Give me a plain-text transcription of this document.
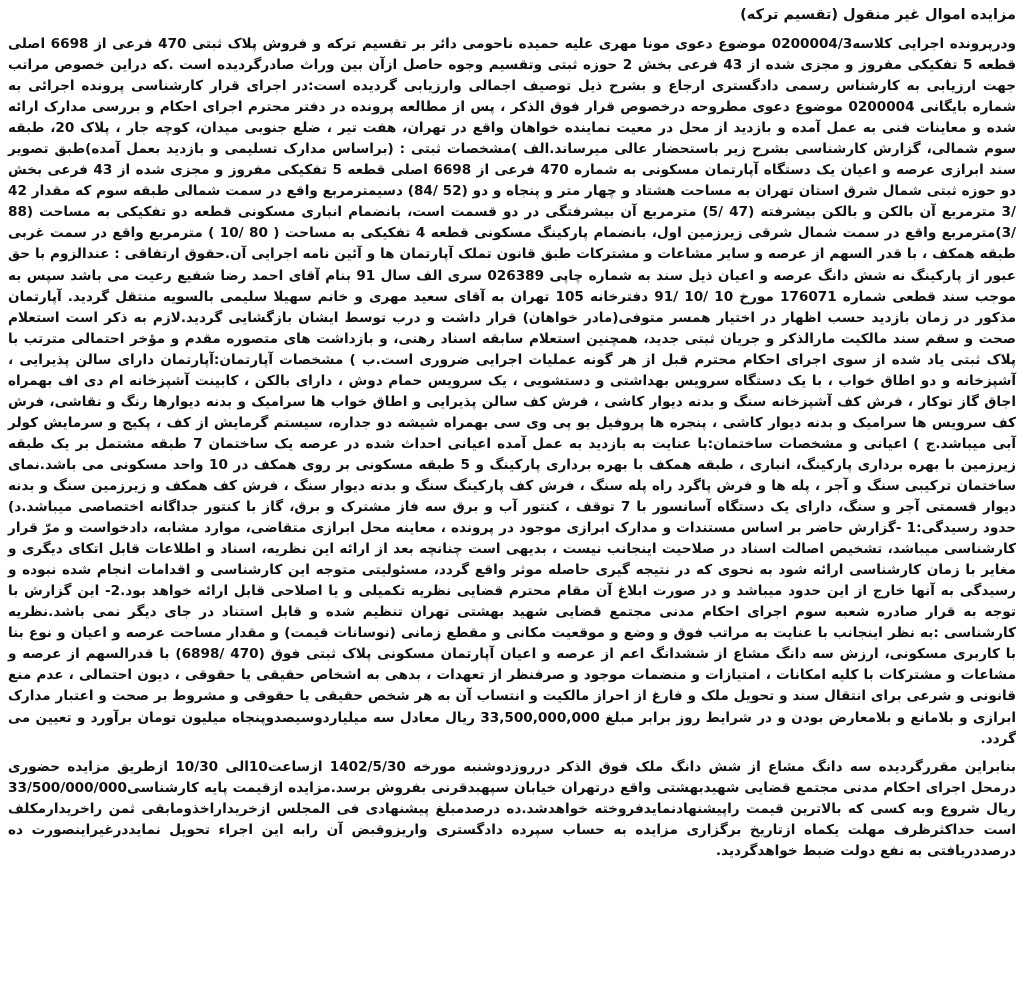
مزایده اموال غیر منقول (تقسیم ترکه)

ودرپرونده اجرایی کلاسه0200004/3 موضوع دعوی مونا مهری علیه حمیده ناحومی دائر بر تقسیم ترکه و فروش پلاک ثبتی 470 فرعی از 6698 اصلی قطعه 5 تفکیکی مفروز و مجزی شده از 43 فرعی بخش 2 حوزه ثبتی وتقسیم وجوه حاصل ازآن بین وراث صادرگردیده است .که دراین خصوص مراتب جهت ارزیابی به کارشناس رسمی دادگستری ارجاع و بشرح ذیل توصیف اجمالی وارزیابی گردیده است:در اجرای قرار کارشناسی پرونده اجرائی به شماره بایگانی 0200004 موضوع دعوی مطروحه درخصوص قرار فوق الذکر ، پس از مطالعه پرونده در دفتر محترم اجرای احکام و بررسی مدارک ارائه شده و معاینات فنی به عمل آمده و بازدید از محل در معیت نماینده خواهان واقع در تهران، هفت تیر ، ضلع جنوبی میدان، کوچه جار ، پلاک 20، طبقه سوم شمالی، گزارش کارشناسی بشرح زیر باستحضار عالی میرساند.الف )مشخصات ثبتی : (براساس مدارک تسلیمی و بازدید بعمل آمده)طبق تصویر سند ابرازی عرصه و اعیان یک دستگاه آپارتمان مسکونی به شماره 470 فرعی از 6698 اصلی قطعه 5 تفکیکی مفروز و مجزی شده از 43 فرعی بخش دو حوزه ثبتی شمال شرق استان تهران به مساحت هشتاد و چهار متر و پنجاه و دو (52 /84) دسیمترمربع واقع در سمت شمالی طبقه سوم که مقدار 42 /3 مترمربع آن بالکن و بالکن بیشرفته (47 /5) مترمربع آن بیشرفتگی در دو قسمت است، بانضمام انباری مسکونی قطعه دو تفکیکی به مساحت (88 /3)مترمربع واقع در سمت شمال شرقی زیرزمین اول، بانضمام پارکینگ مسکونی قطعه 4 تفکیکی به مساحت ( 80 /10 ) مترمربع واقع در سمت غربی طبقه همکف ، با قدر السهم از عرصه و سایر مشاعات و مشترکات طبق قانون تملک آپارتمان ها و آئین نامه اجرایی آن.حقوق ارتفاقی : عندالزوم با حق عبور از پارکینگ نه شش دانگ عرصه و اعیان ذیل سند به شماره چاپی 026389 سری الف سال 91 بنام آقای احمد رضا شفیع رعیت می باشد سپس به موجب سند قطعی شماره 176071 مورخ 10 /10 /91 دفترخانه 105 تهران به آقای سعید مهری و خانم سهیلا سلیمی بالسویه منتقل گردید. آپارتمان مذکور در زمان بازدید حسب اظهار در اختیار همسر متوفی(مادر خواهان) قرار داشت و درب توسط ایشان بازگشایی گردید.لازم به ذکر است استعلام صحت و سقم سند مالکیت مارالذکر و جریان ثبتی جدید، همچنین استعلام سابقه اسناد رهنی، و بازداشت های متصوره مقدم و مؤخر احتمالی مترتب با پلاک ثبتی یاد شده از سوی اجرای احکام محترم قبل از هر گونه عملیات اجرایی ضروری است.ب ) مشخصات آپارتمان:آپارتمان دارای سالن پذیرایی ، آشپزخانه و دو اطاق خواب ، با یک دستگاه سرویس بهداشتی و دستشویی ، یک سرویس حمام دوش ، دارای بالکن ، کابینت آشپزخانه ام دی اف بهمراه اجاق گاز توکار ، فرش کف آشپزخانه سنگ و بدنه دیوار کاشی ، فرش کف سالن پذیرایی و اطاق خواب ها سرامیک و بدنه دیوارها رنگ و نقاشی، فرش کف سرویس ها سرامیک و بدنه دیوار کاشی ، پنجره ها پروفیل یو پی وی سی بهمراه شیشه دو جداره، سیستم گرمایش از کف ، پکیج و سرمایش کولر آبی میباشد.ج ) اعیانی و مشخصات ساختمان:با عنایت به بازدید به عمل آمده اعیانی احداث شده در عرصه یک ساختمان 7 طبقه مشتمل بر یک طبقه زیرزمین با بهره برداری پارکینگ، انباری ، طبقه همکف با بهره برداری پارکینگ و 5 طبقه مسکونی بر روی همکف در 10 واحد مسکونی می باشد.نمای ساختمان ترکیبی سنگ و آجر ، پله ها و فرش پاگرد راه پله سنگ ، فرش کف پارکینگ سنگ و بدنه دیوار سنگ ، فرش کف همکف و زیرزمین سنگ و بدنه دیوار قسمتی آجر و سنگ، دارای یک دستگاه آسانسور با 7 توقف ، کنتور آب و برق سه فاز مشترک و برق، گاز با کنتور جداگانه اختصاصی میباشد.د) حدود رسیدگی:1 -گزارش حاضر بر اساس مستندات و مدارک ابرازی موجود در پرونده ، معاینه محل ابرازی متقاضی، موارد مشابه، دادخواست و مرّ قرار کارشناسی میباشد، تشخیص اصالت اسناد در صلاحیت اینجانب نیست ، بدیهی است چنانچه بعد از ارائه این نظریه، اسناد و اطلاعات قابل اتکای دیگری و مغایر با زمان کارشناسی ارائه شود به نحوی که در نتیجه گیری حاصله موثر واقع گردد، مسئولیتی متوجه این کارشناسی و اقدامات انجام شده نبوده و رسیدگی به آنها خارج از این حدود میباشد و در صورت ابلاغ آن مقام محترم قضایی نظریه تکمیلی و یا اصلاحی قابل ارائه خواهد بود.2- این گزارش با توجه به قرار صادره شعبه سوم اجرای احکام مدنی مجتمع قضایی شهید بهشتی تهران تنظیم شده و قابل استناد در جای دیگر نمی باشد.نظریه کارشناسی :به نظر اینجانب با عنایت به مراتب فوق و وضع و موقعیت مکانی و مقطع زمانی (نوسانات قیمت) و مقدار مساحت عرصه و اعیان و نوع بنا با کاربری مسکونی، ارزش سه دانگ مشاع از ششدانگ اعم از عرصه و اعیان آپارتمان مسکونی پلاک ثبتی فوق (470 /6898) با قدرالسهم از عرصه و مشاعات و مشترکات با کلیه امکانات ، امتیازات و منضمات موجود و صرفنظر از تعهدات ، بدهی به اشخاص حقیقی یا حقوقی ، دیون احتمالی ، عدم منع قانونی و شرعی برای انتقال سند و تحویل ملک و فارغ از احراز مالکیت و انتساب آن به هر شخص حقیقی یا حقوقی و مشروط بر صحت و اعتبار مدارک ابرازی و بلامانع و بلامعارض بودن و در شرایط روز برابر مبلغ 33,500,000,000 ریال معادل سه میلیاردوسیصدوپنجاه میلیون تومان برآورد و تعیین می گردد.

بنابراین مقررگردیده سه دانگ مشاع از شش دانگ ملک فوق الذکر درروزدوشنبه مورخه 1402/5/30 ازساعت10الی 10/30 ازطریق مزایده حضوری درمحل اجرای احکام مدنی مجتمع قضایی شهیدبهشتی واقع درتهران خیابان سپهبدقرنی بفروش برسد.مزایده ازقیمت پایه کارشناسی33/500/000/000 ریال شروع وبه کسی که بالاترین قیمت راپیشنهادنمایدفروخته خواهدشد.ده درصدمبلغ پیشنهادی فی المجلس ازخریداراخذومابقی ثمن راخریدارمکلف است حداکثرظرف مهلت یکماه ازتاریخ برگزاری مزایده به حساب سپرده دادگستری واریزوقبض آن رابه این اجراء تحویل نمایددرغیراینصورت ده درصددریافتی به نفع دولت ضبط خواهدگردید.
